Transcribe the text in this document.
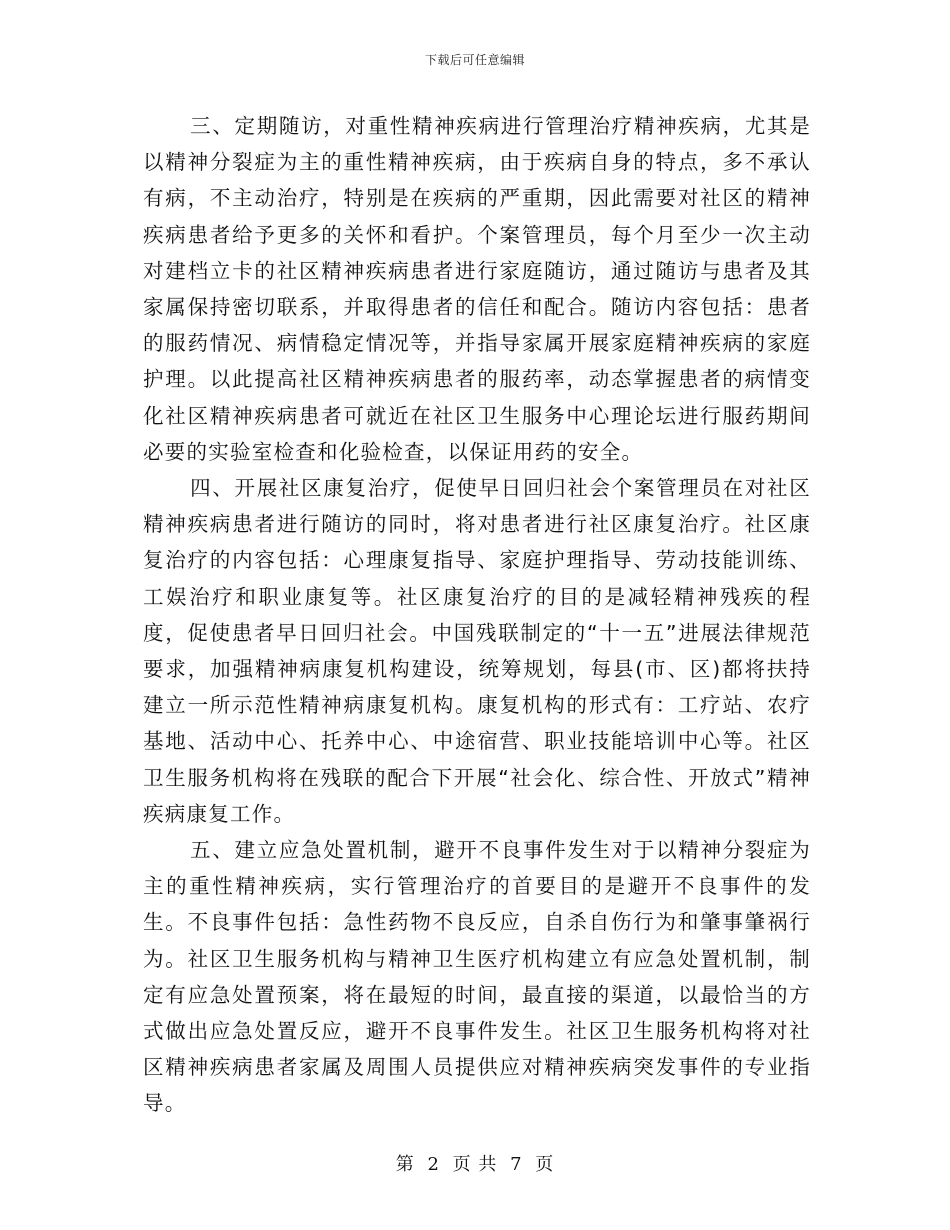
下载后可任意编辑

三、定期随访，对重性精神疾病进行管理治疗精神疾病，尤其是以精神分裂症为主的重性精神疾病，由于疾病自身的特点，多不承认有病，不主动治疗，特别是在疾病的严重期，因此需要对社区的精神疾病患者给予更多的关怀和看护。个案管理员，每个月至少一次主动对建档立卡的社区精神疾病患者进行家庭随访，通过随访与患者及其家属保持密切联系，并取得患者的信任和配合。随访内容包括：患者的服药情况、病情稳定情况等，并指导家属开展家庭精神疾病的家庭护理。以此提高社区精神疾病患者的服药率，动态掌握患者的病情变化社区精神疾病患者可就近在社区卫生服务中心理论坛进行服药期间必要的实验室检查和化验检查，以保证用药的安全。

四、开展社区康复治疗，促使早日回归社会个案管理员在对社区精神疾病患者进行随访的同时，将对患者进行社区康复治疗。社区康复治疗的内容包括：心理康复指导、家庭护理指导、劳动技能训练、工娱治疗和职业康复等。社区康复治疗的目的是减轻精神残疾的程度，促使患者早日回归社会。中国残联制定的“十一五”进展法律规范要求，加强精神病康复机构建设，统筹规划，每县(市、区)都将扶持建立一所示范性精神病康复机构。康复机构的形式有：工疗站、农疗基地、活动中心、托养中心、中途宿营、职业技能培训中心等。社区卫生服务机构将在残联的配合下开展“社会化、综合性、开放式”精神疾病康复工作。

五、建立应急处置机制，避开不良事件发生对于以精神分裂症为主的重性精神疾病，实行管理治疗的首要目的是避开不良事件的发生。不良事件包括：急性药物不良反应，自杀自伤行为和肇事肇祸行为。社区卫生服务机构与精神卫生医疗机构建立有应急处置机制，制定有应急处置预案，将在最短的时间，最直接的渠道，以最恰当的方式做出应急处置反应，避开不良事件发生。社区卫生服务机构将对社区精神疾病患者家属及周围人员提供应对精神疾病突发事件的专业指导。

第 2 页 共 7 页
